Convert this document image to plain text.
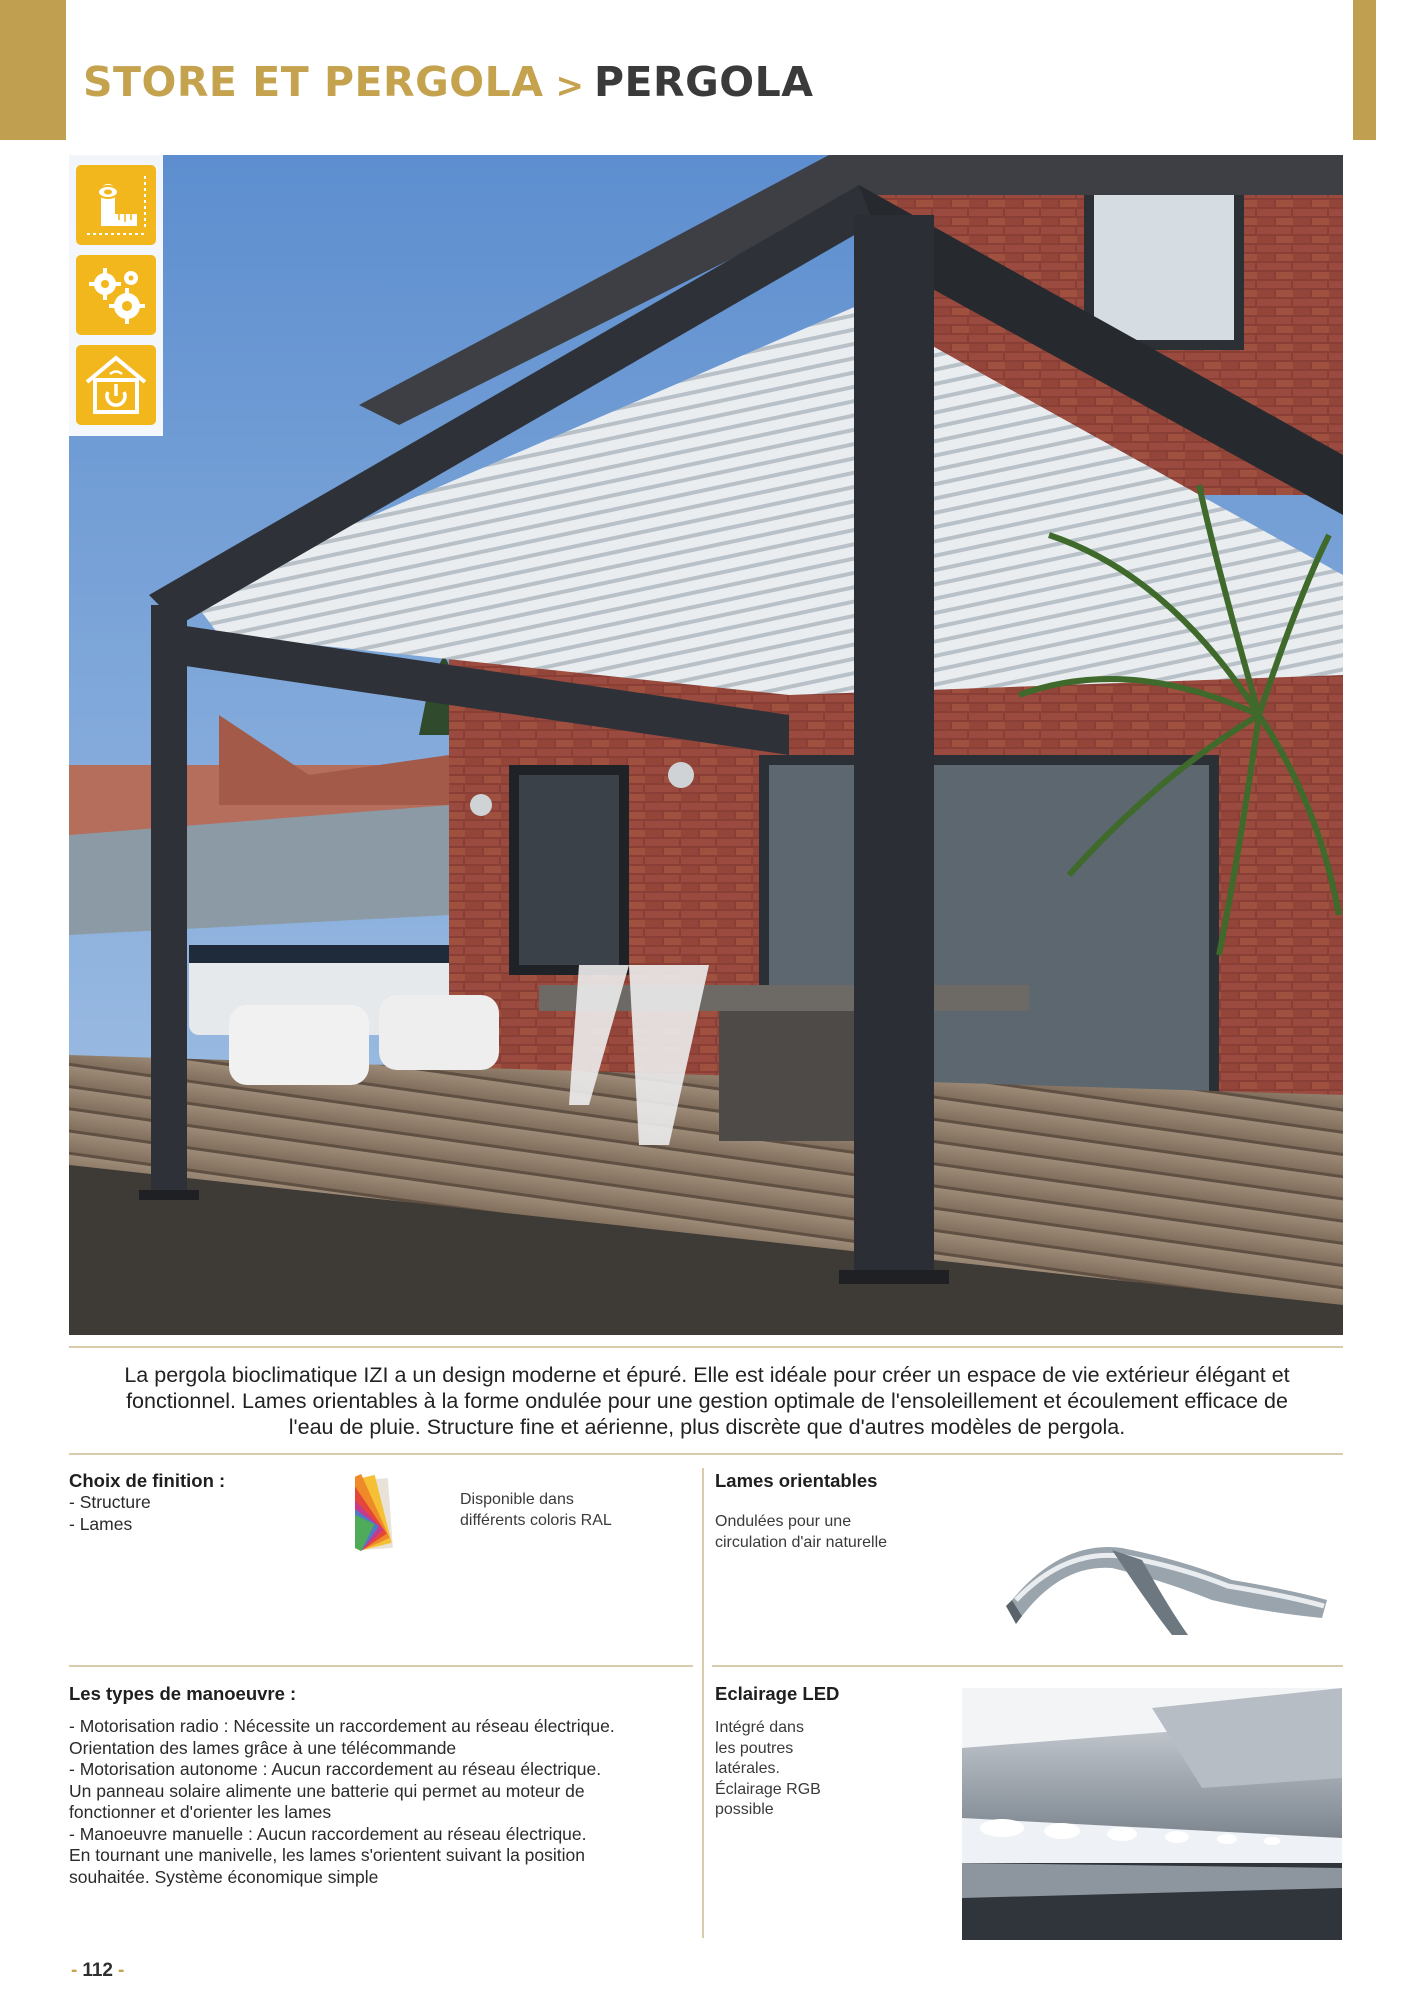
STORE ET PERGOLA > PERGOLA
La pergola bioclimatique IZI a un design moderne et épuré. Elle est idéale pour créer un espace de vie extérieur élégant et
fonctionnel. Lames orientables à la forme ondulée pour une gestion optimale de l'ensoleillement et écoulement efficace de
l'eau de pluie. Structure fine et aérienne, plus discrète que d'autres modèles de pergola.
Choix de finition :
- Structure
- Lames
Disponible dans
différents coloris RAL
Lames orientables
Ondulées pour une
circulation d'air naturelle
Les types de manoeuvre :
- Motorisation radio : Nécessite un raccordement au réseau électrique.
Orientation des lames grâce à une télécommande
- Motorisation autonome : Aucun raccordement au réseau électrique.
Un panneau solaire alimente une batterie qui permet au moteur de
fonctionner et d'orienter les lames
- Manoeuvre manuelle : Aucun raccordement au réseau électrique.
En tournant une manivelle, les lames s'orientent suivant la position
souhaitée. Système économique simple
Eclairage LED
Intégré dans
les poutres
latérales.
Éclairage RGB
possible
- 112 -
